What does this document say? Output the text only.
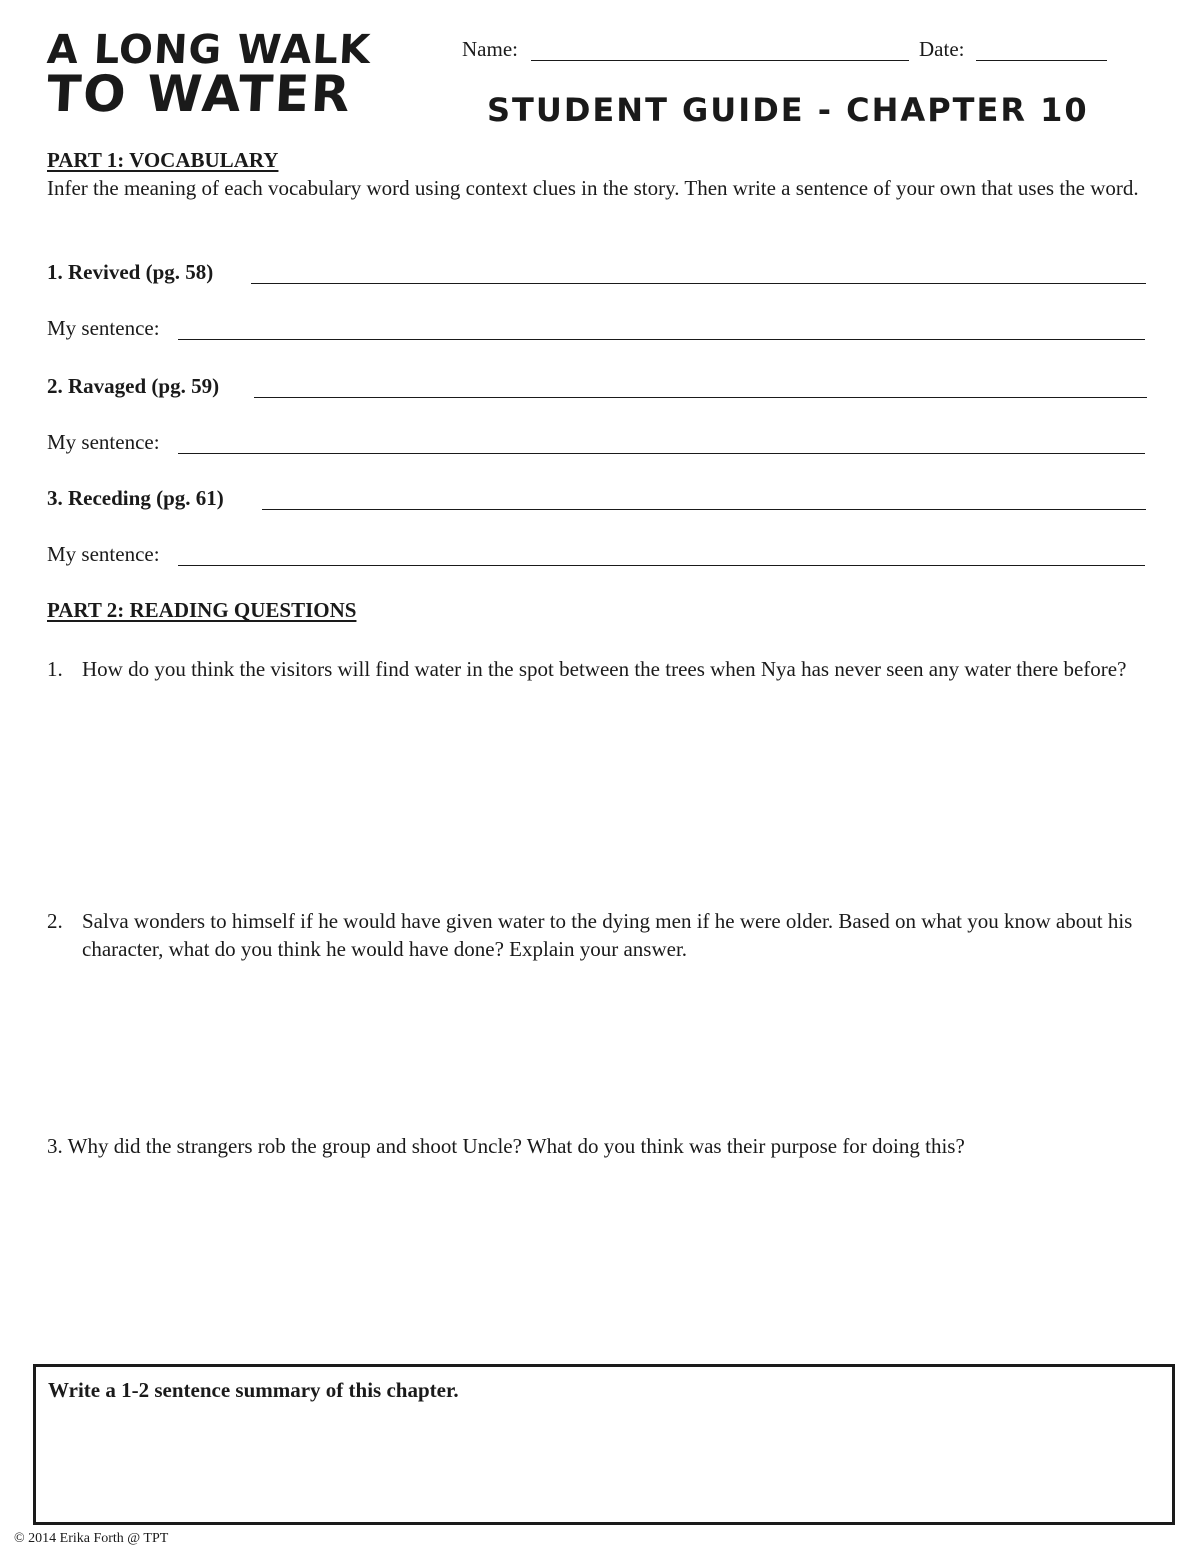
A LONG WALK
TO WATER
Name:	Date:
STUDENT GUIDE - CHAPTER 10
PART 1: VOCABULARY
Infer the meaning of each vocabulary word using context clues in the story. Then write a sentence of your own that uses the word.
1. Revived (pg. 58)
My sentence:
2. Ravaged (pg. 59)
My sentence:
3. Receding (pg. 61)
My sentence:
PART 2: READING QUESTIONS
1. How do you think the visitors will find water in the spot between the trees when Nya has never seen any water there before?
2. Salva wonders to himself if he would have given water to the dying men if he were older. Based on what you know about his character, what do you think he would have done? Explain your answer.
3. Why did the strangers rob the group and shoot Uncle? What do you think was their purpose for doing this?
Write a 1-2 sentence summary of this chapter.
© 2014 Erika Forth @ TPT
